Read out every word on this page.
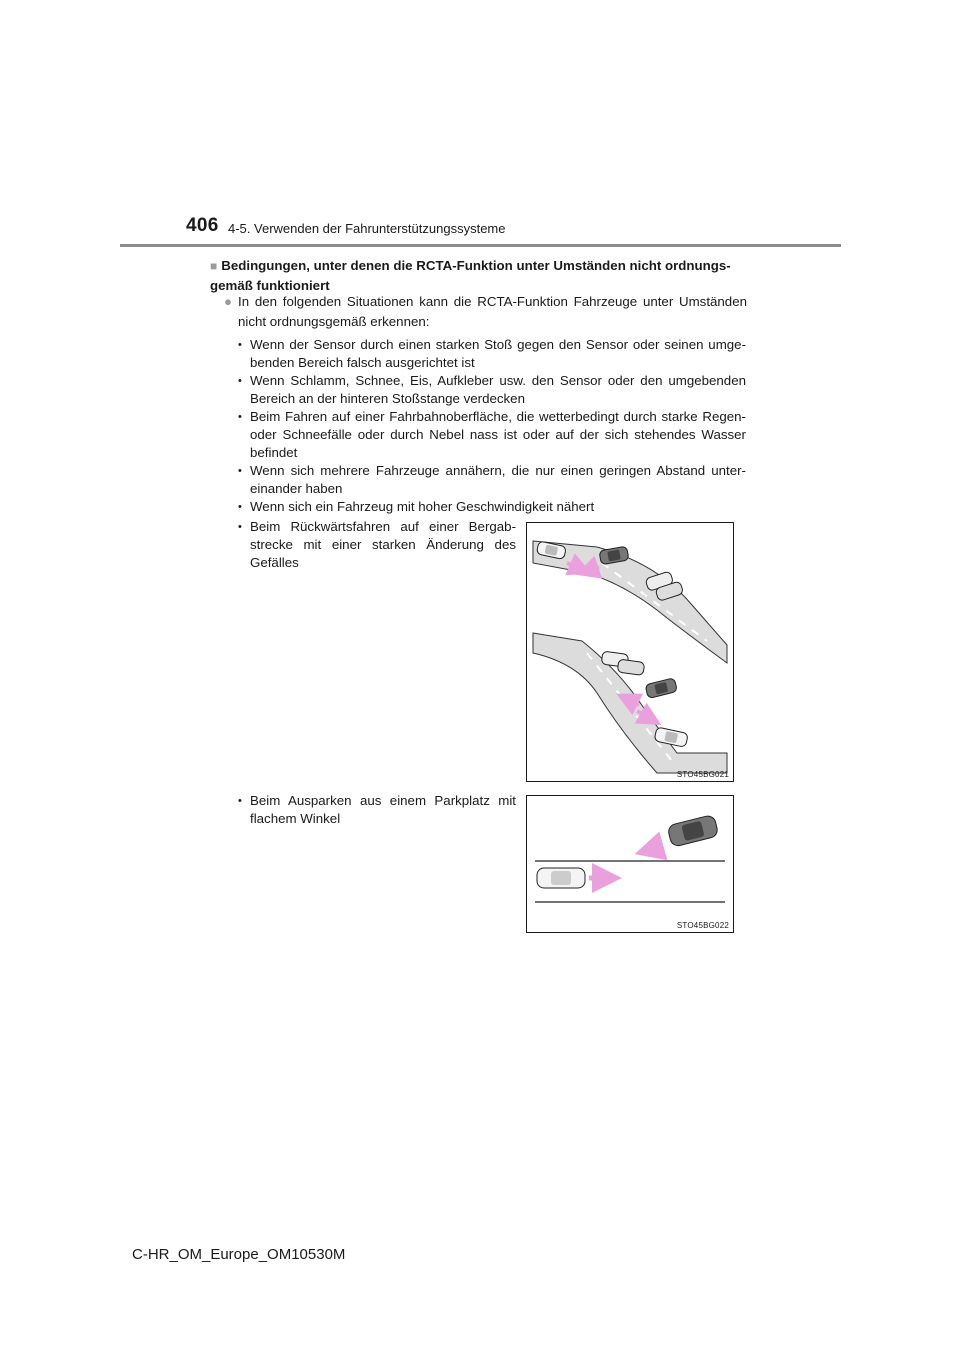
406 4-5. Verwenden der Fahrunterstützungssysteme
■ Bedingungen, unter denen die RCTA-Funktion unter Umständen nicht ordnungs-gemäß funktioniert
● In den folgenden Situationen kann die RCTA-Funktion Fahrzeuge unter Umständen nicht ordnungsgemäß erkennen:
• Wenn der Sensor durch einen starken Stoß gegen den Sensor oder seinen umge-benden Bereich falsch ausgerichtet ist
• Wenn Schlamm, Schnee, Eis, Aufkleber usw. den Sensor oder den umgebenden Bereich an der hinteren Stoßstange verdecken
• Beim Fahren auf einer Fahrbahnoberfläche, die wetterbedingt durch starke Regen- oder Schneefälle oder durch Nebel nass ist oder auf der sich stehendes Wasser befindet
• Wenn sich mehrere Fahrzeuge annähern, die nur einen geringen Abstand unter-einander haben
• Wenn sich ein Fahrzeug mit hoher Geschwindigkeit nähert
• Beim Rückwärtsfahren auf einer Bergab-strecke mit einer starken Änderung des Gefälles
STO45BG021
• Beim Ausparken aus einem Parkplatz mit flachem Winkel
STO45BG022
C-HR_OM_Europe_OM10530M
